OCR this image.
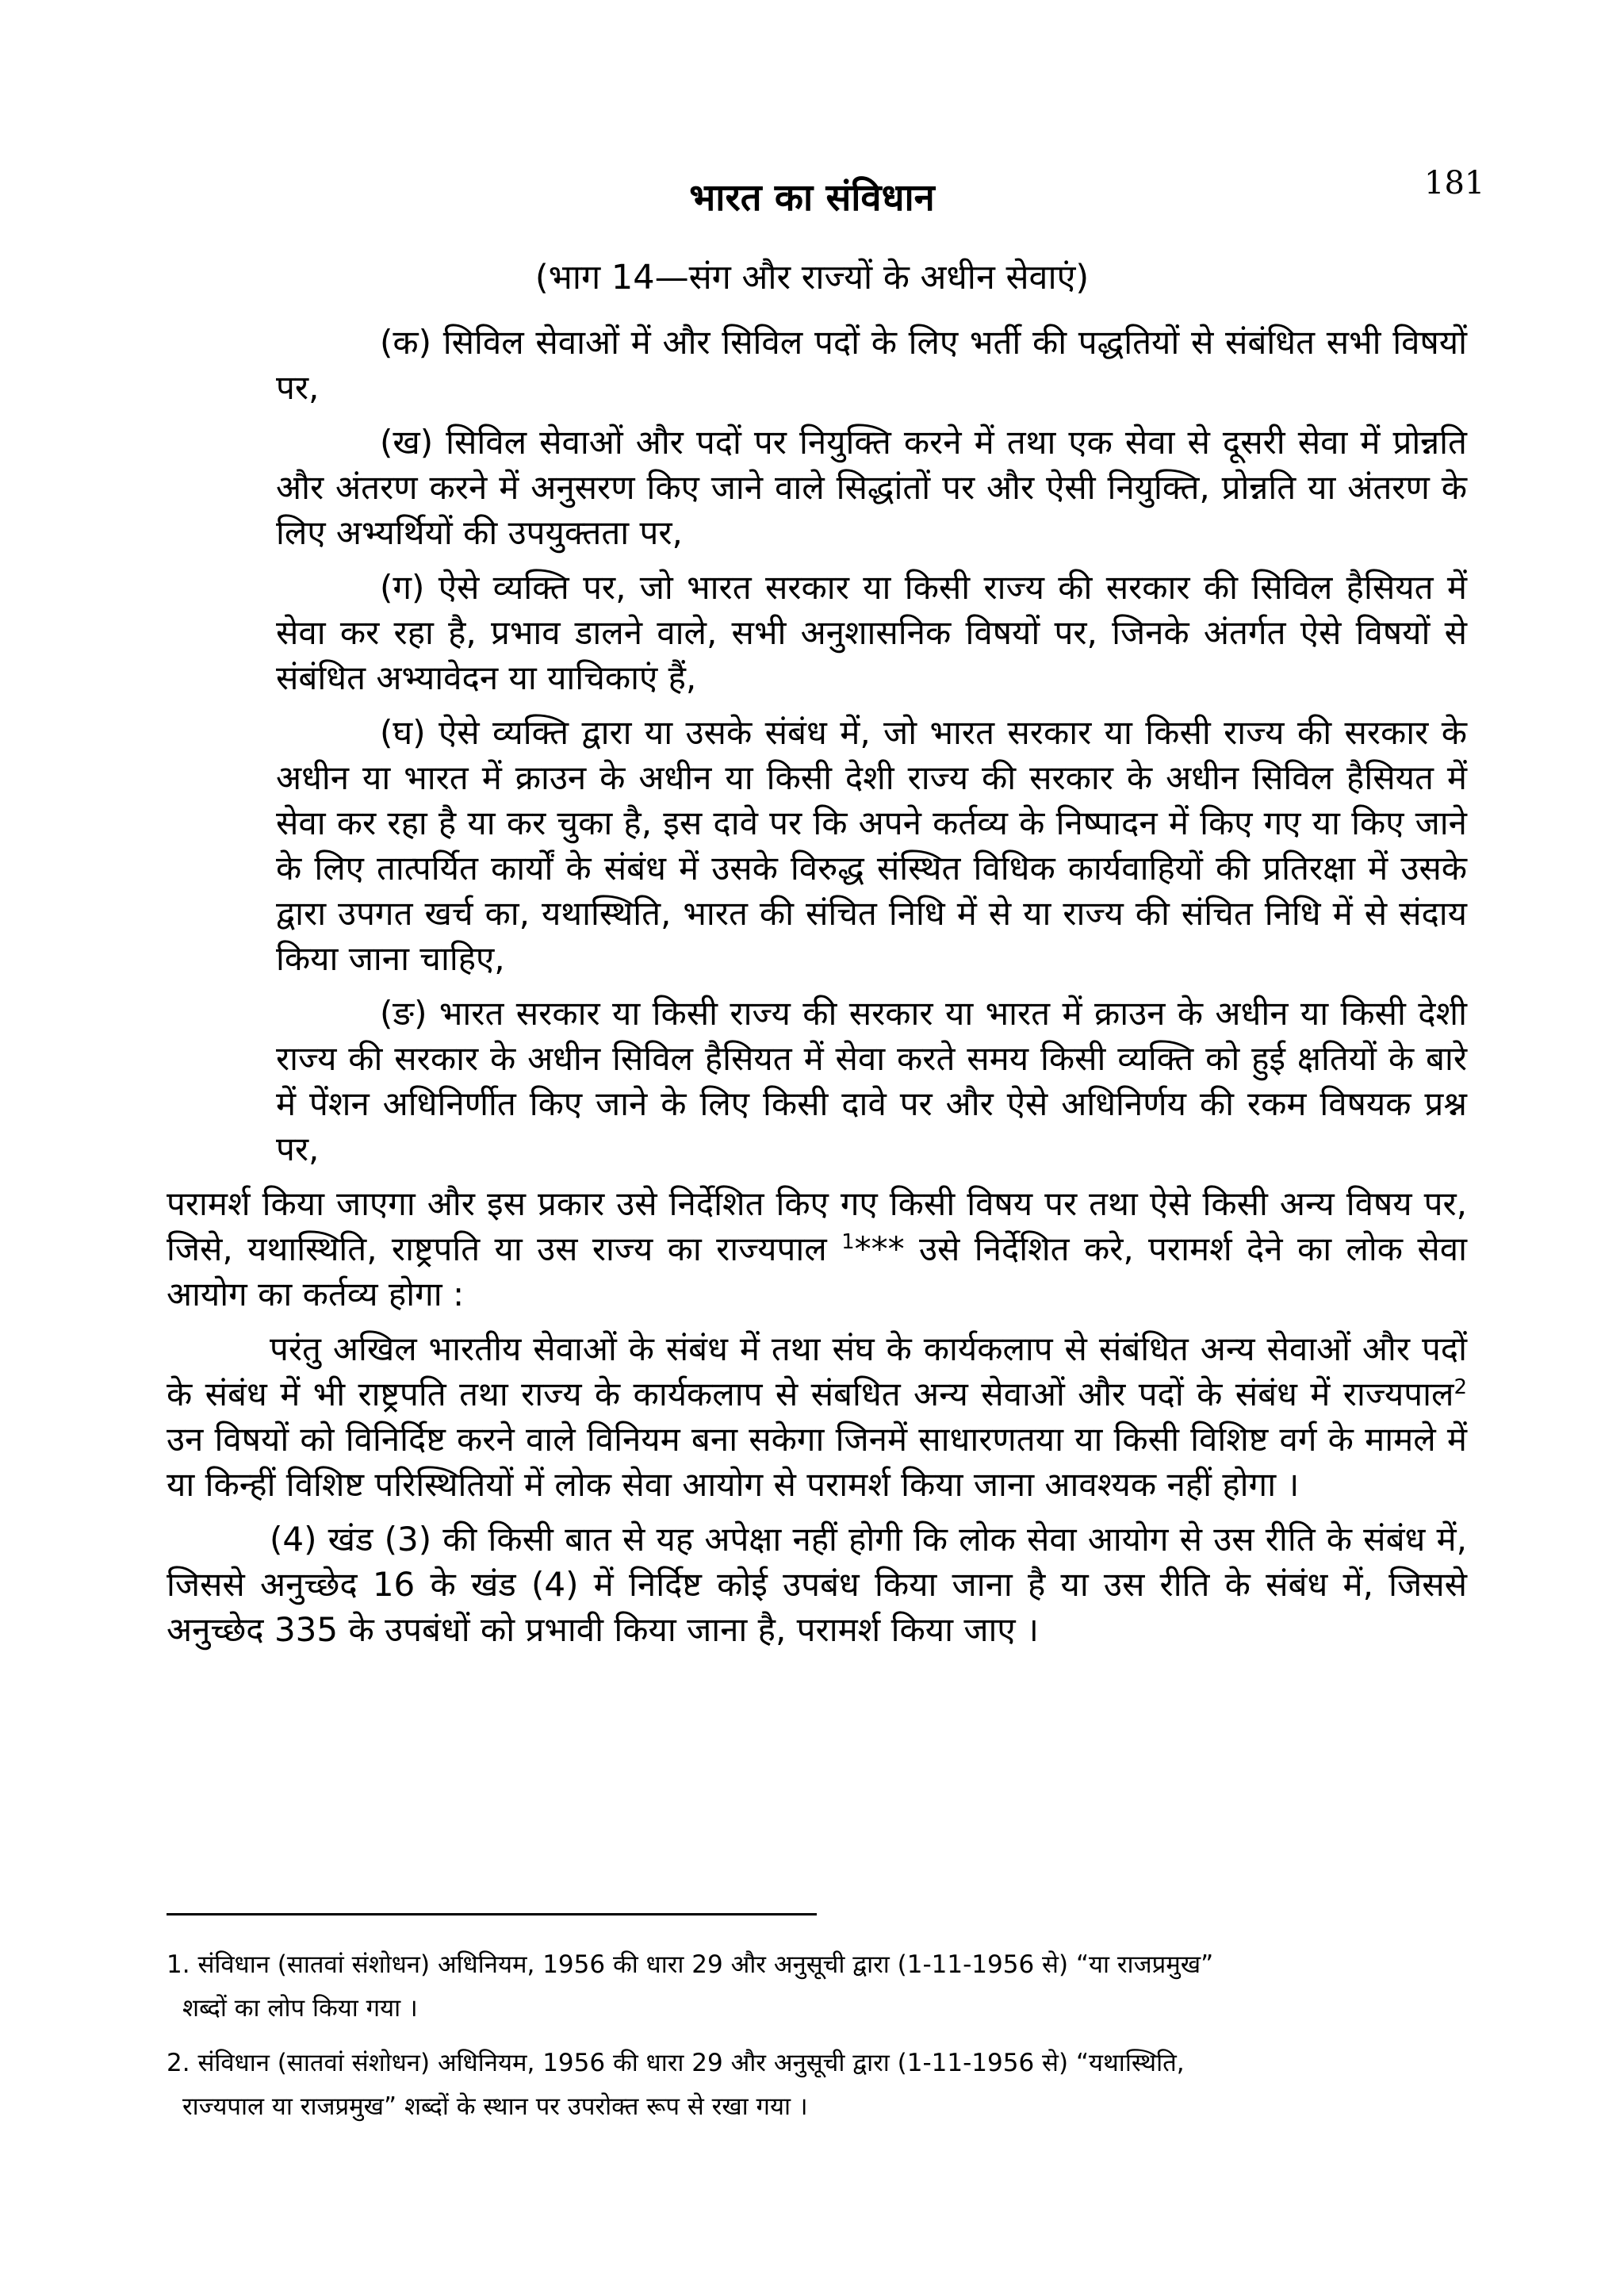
181
भारत का संविधान
(भाग 14—संग और राज्यों के अधीन सेवाएं)

(क) सिविल सेवाओं में और सिविल पदों के लिए भर्ती की पद्धतियों से संबंधित सभी विषयों पर,

(ख) सिविल सेवाओं और पदों पर नियुक्ति करने में तथा एक सेवा से दूसरी सेवा में प्रोन्नति और अंतरण करने में अनुसरण किए जाने वाले सिद्धांतों पर और ऐसी नियुक्ति, प्रोन्नति या अंतरण के लिए अभ्यर्थियों की उपयुक्तता पर,

(ग) ऐसे व्यक्ति पर, जो भारत सरकार या किसी राज्य की सरकार की सिविल हैसियत में सेवा कर रहा है, प्रभाव डालने वाले, सभी अनुशासनिक विषयों पर, जिनके अंतर्गत ऐसे विषयों से संबंधित अभ्यावेदन या याचिकाएं हैं,

(घ) ऐसे व्यक्ति द्वारा या उसके संबंध में, जो भारत सरकार या किसी राज्य की सरकार के अधीन या भारत में क्राउन के अधीन या किसी देशी राज्य की सरकार के अधीन सिविल हैसियत में सेवा कर रहा है या कर चुका है, इस दावे पर कि अपने कर्तव्य के निष्पादन में किए गए या किए जाने के लिए तात्पर्यित कार्यों के संबंध में उसके विरुद्ध संस्थित विधिक कार्यवाहियों की प्रतिरक्षा में उसके द्वारा उपगत खर्च का, यथास्थिति, भारत की संचित निधि में से या राज्य की संचित निधि में से संदाय किया जाना चाहिए,

(ङ) भारत सरकार या किसी राज्य की सरकार या भारत में क्राउन के अधीन या किसी देशी राज्य की सरकार के अधीन सिविल हैसियत में सेवा करते समय किसी व्यक्ति को हुई क्षतियों के बारे में पेंशन अधिनिर्णीत किए जाने के लिए किसी दावे पर और ऐसे अधिनिर्णय की रकम विषयक प्रश्न पर,

परामर्श किया जाएगा और इस प्रकार उसे निर्देशित किए गए किसी विषय पर तथा ऐसे किसी अन्य विषय पर, जिसे, यथास्थिति, राष्ट्रपति या उस राज्य का राज्यपाल $^1$*** उसे निर्देशित करे, परामर्श देने का लोक सेवा आयोग का कर्तव्य होगा :

परंतु अखिल भारतीय सेवाओं के संबंध में तथा संघ के कार्यकलाप से संबंधित अन्य सेवाओं और पदों के संबंध में भी राष्ट्रपति तथा राज्य के कार्यकलाप से संबधित अन्य सेवाओं और पदों के संबंध में राज्यपाल$^2$ उन विषयों को विनिर्दिष्ट करने वाले विनियम बना सकेगा जिनमें साधारणतया या किसी विशिष्ट वर्ग के मामले में या किन्हीं विशिष्ट परिस्थितियों में लोक सेवा आयोग से परामर्श किया जाना आवश्यक नहीं होगा ।

(4) खंड (3) की किसी बात से यह अपेक्षा नहीं होगी कि लोक सेवा आयोग से उस रीति के संबंध में, जिससे अनुच्छेद 16 के खंड (4) में निर्दिष्ट कोई उपबंध किया जाना है या उस रीति के संबंध में, जिससे अनुच्छेद 335 के उपबंधों को प्रभावी किया जाना है, परामर्श किया जाए ।

1. संविधान (सातवां संशोधन) अधिनियम, 1956 की धारा 29 और अनुसूची द्वारा (1-11-1956 से) “या राजप्रमुख”
शब्दों का लोप किया गया ।

2. संविधान (सातवां संशोधन) अधिनियम, 1956 की धारा 29 और अनुसूची द्वारा (1-11-1956 से) “यथास्थिति,
राज्यपाल या राजप्रमुख” शब्दों के स्थान पर उपरोक्त रूप से रखा गया ।
